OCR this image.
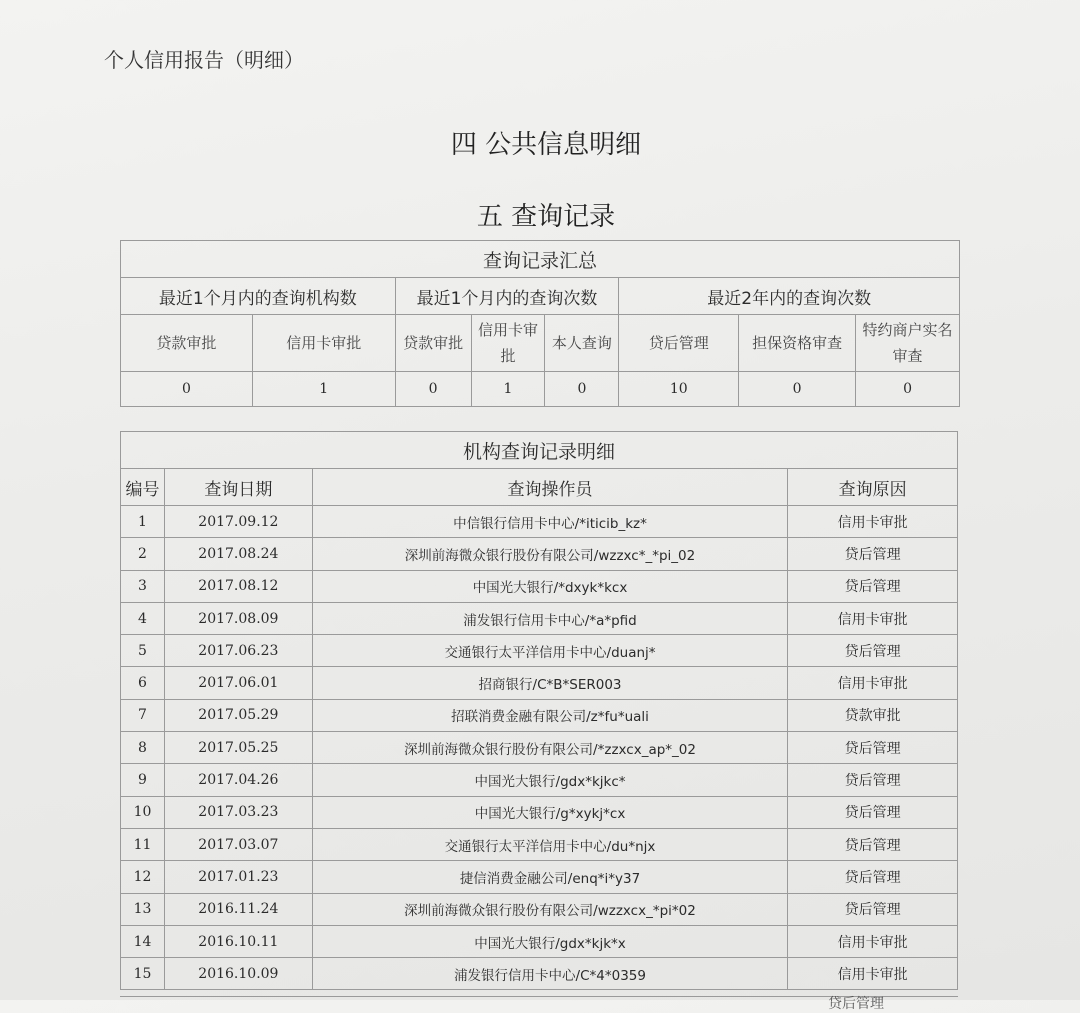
个人信用报告（明细）
四 公共信息明细
五 查询记录
查询记录汇总							
最近1个月内的查询机构数		最近1个月内的查询次数			最近2年内的查询次数		
贷款审批	信用卡审批	贷款审批	信用卡审批	本人查询	贷后管理	担保资格审查	特约商户实名审查
0	1	0	1	0	10	0	0
机构查询记录明细			
编号	查询日期	查询操作员	查询原因
1	2017.09.12	中信银行信用卡中心/*iticib_kz*	信用卡审批
2	2017.08.24	深圳前海微众银行股份有限公司/wzzxc*_*pi_02	贷后管理
3	2017.08.12	中国光大银行/*dxyk*kcx	贷后管理
4	2017.08.09	浦发银行信用卡中心/*a*pfid	信用卡审批
5	2017.06.23	交通银行太平洋信用卡中心/duanj*	贷后管理
6	2017.06.01	招商银行/C*B*SER003	信用卡审批
7	2017.05.29	招联消费金融有限公司/z*fu*uali	贷款审批
8	2017.05.25	深圳前海微众银行股份有限公司/*zzxcx_ap*_02	贷后管理
9	2017.04.26	中国光大银行/gdx*kjkc*	贷后管理
10	2017.03.23	中国光大银行/g*xykj*cx	贷后管理
11	2017.03.07	交通银行太平洋信用卡中心/du*njx	贷后管理
12	2017.01.23	捷信消费金融公司/enq*i*y37	贷后管理
13	2016.11.24	深圳前海微众银行股份有限公司/wzzxcx_*pi*02	贷后管理
14	2016.10.11	中国光大银行/gdx*kjk*x	信用卡审批
15	2016.10.09	浦发银行信用卡中心/C*4*0359	信用卡审批
贷后管理
